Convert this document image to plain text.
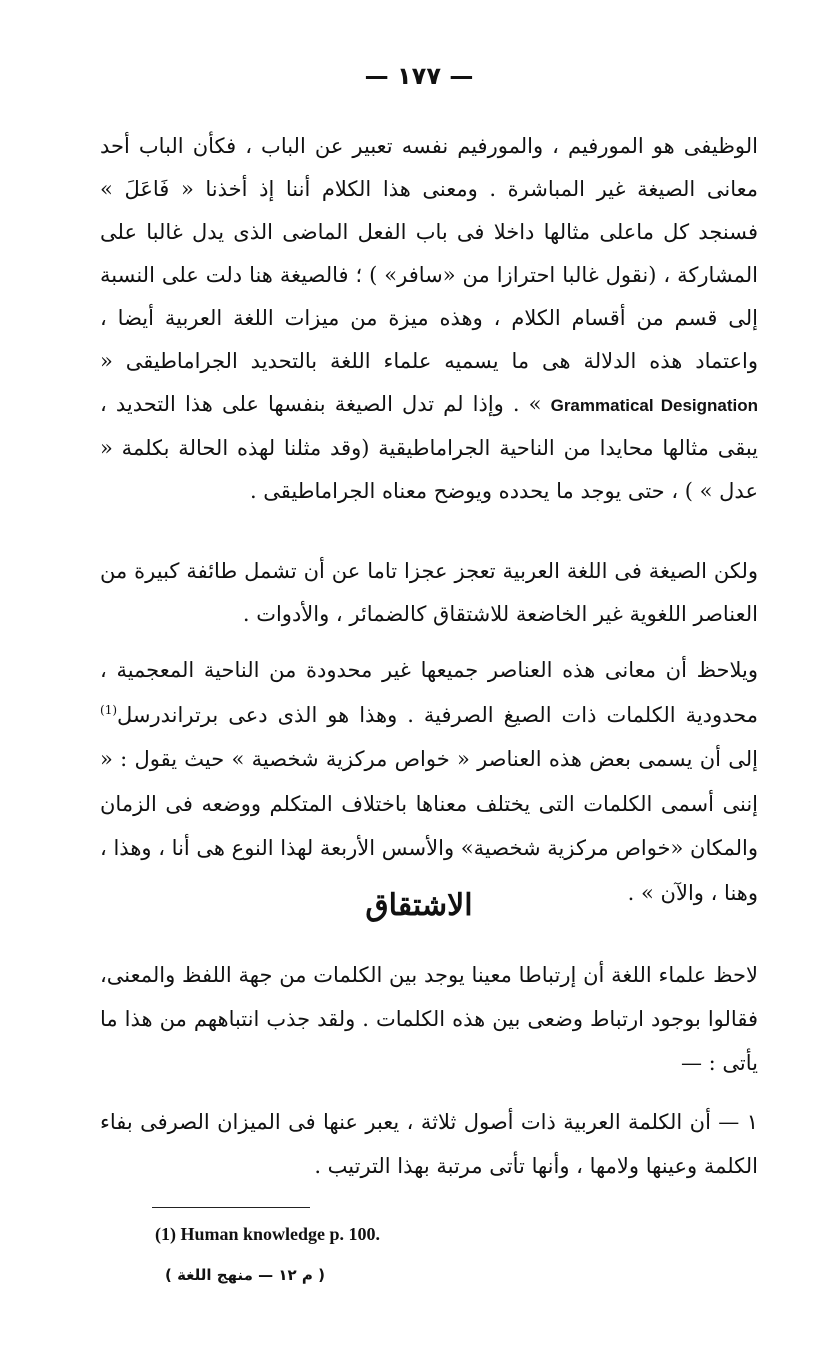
— ١٧٧ —

الوظيفى هو المورفيم ، والمورفيم نفسه تعبير عن الباب ، فكأن الباب أحد معانى الصيغة غير المباشرة . ومعنى هذا الكلام أننا إذ أخذنا « فَاعَلَ » فسنجد كل ماعلى مثالها داخلا فى باب الفعل الماضى الذى يدل غالبا على المشاركة ، (نقول غالبا احترازا من «سافر» ) ؛ فالصيغة هنا دلت على النسبة إلى قسم من أقسام الكلام ، وهذه ميزة من ميزات اللغة العربية أيضا ، واعتماد هذه الدلالة هى ما يسميه علماء اللغة بالتحديد الجراماطيقى « Grammatical Designation » . وإذا لم تدل الصيغة بنفسها على هذا التحديد ، يبقى مثالها محايدا من الناحية الجراماطيقية (وقد مثلنا لهذه الحالة بكلمة « عدل » ) ، حتى يوجد ما يحدده ويوضح معناه الجراماطيقى .

ولكن الصيغة فى اللغة العربية تعجز عجزا تاما عن أن تشمل طائفة كبيرة من العناصر اللغوية غير الخاضعة للاشتقاق كالضمائر ، والأدوات .

ويلاحظ أن معانى هذه العناصر جميعها غير محدودة من الناحية المعجمية ، محدودية الكلمات ذات الصيغ الصرفية . وهذا هو الذى دعى برتراندرسل$^{(1)}$ إلى أن يسمى بعض هذه العناصر « خواص مركزية شخصية » حيث يقول : « إننى أسمى الكلمات التى يختلف معناها باختلاف المتكلم ووضعه فى الزمان والمكان «خواص مركزية شخصية» والأسس الأربعة لهذا النوع هى أنا ، وهذا ، وهنا ، والآن » .

الاشتقاق

لاحظ علماء اللغة أن إرتباطا معينا يوجد بين الكلمات من جهة اللفظ والمعنى، فقالوا بوجود ارتباط وضعى بين هذه الكلمات . ولقد جذب انتباههم من هذا ما يأتى : —

١ — أن الكلمة العربية ذات أصول ثلاثة ، يعبر عنها فى الميزان الصرفى بفاء الكلمة وعينها ولامها ، وأنها تأتى مرتبة بهذا الترتيب .

(1) Human knowledge p. 100.

( م ١٢ — منهج اللغة )
